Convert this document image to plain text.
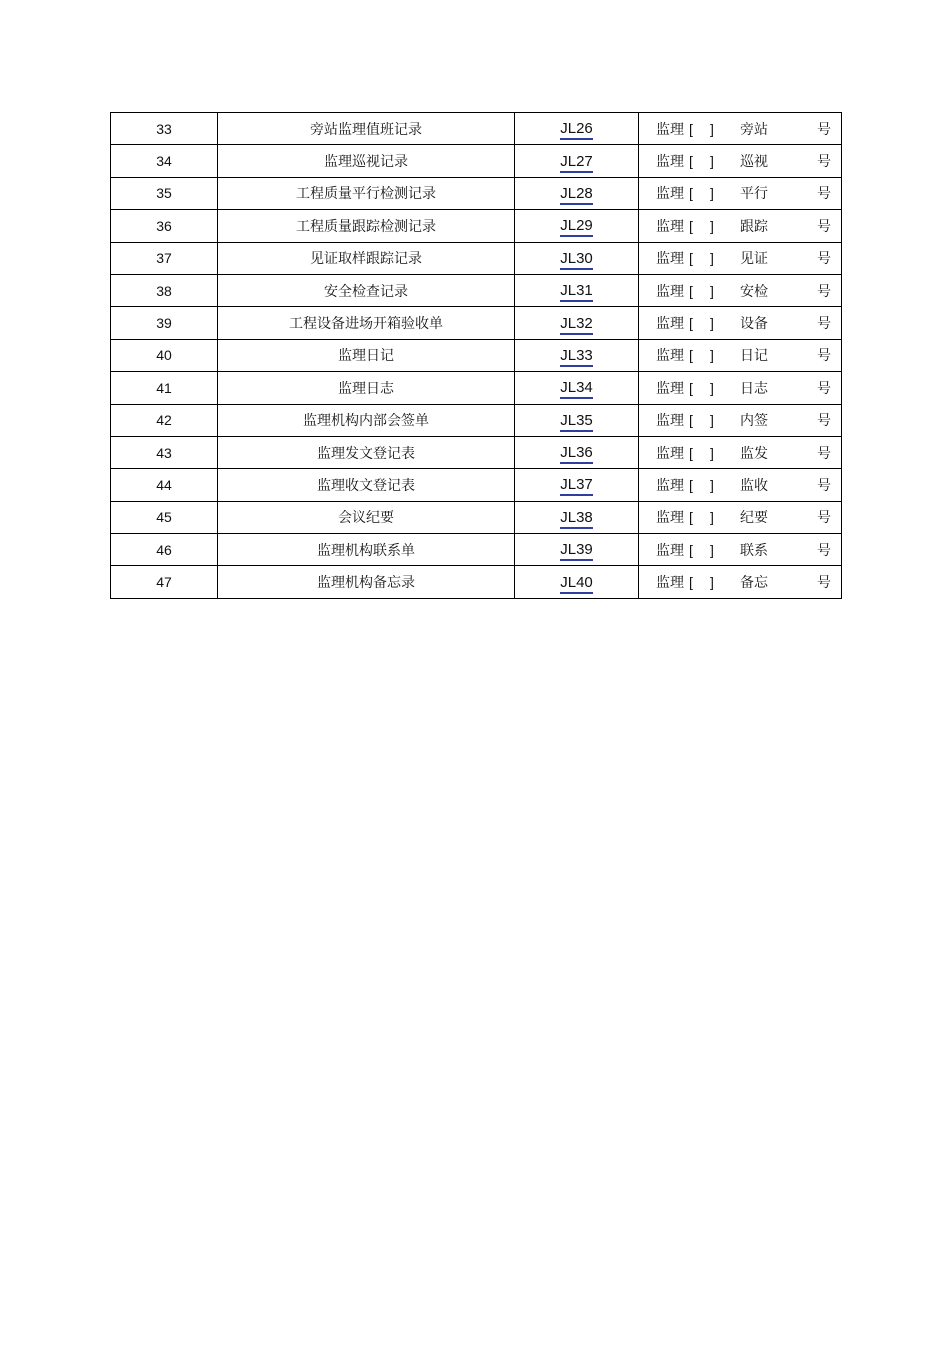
33	旁站监理值班记录	JL26	监理 [ ] 旁站 号

34	监理巡视记录	JL27	监理 [ ] 巡视 号

35	工程质量平行检测记录	JL28	监理 [ ] 平行 号

36	工程质量跟踪检测记录	JL29	监理 [ ] 跟踪 号

37	见证取样跟踪记录	JL30	监理 [ ] 见证 号

38	安全检查记录	JL31	监理 [ ] 安检 号

39	工程设备进场开箱验收单	JL32	监理 [ ] 设备 号

40	监理日记	JL33	监理 [ ] 日记 号

41	监理日志	JL34	监理 [ ] 日志 号

42	监理机构内部会签单	JL35	监理 [ ] 内签 号

43	监理发文登记表	JL36	监理 [ ] 监发 号

44	监理收文登记表	JL37	监理 [ ] 监收 号

45	会议纪要	JL38	监理 [ ] 纪要 号

46	监理机构联系单	JL39	监理 [ ] 联系 号

47	监理机构备忘录	JL40	监理 [ ] 备忘 号
